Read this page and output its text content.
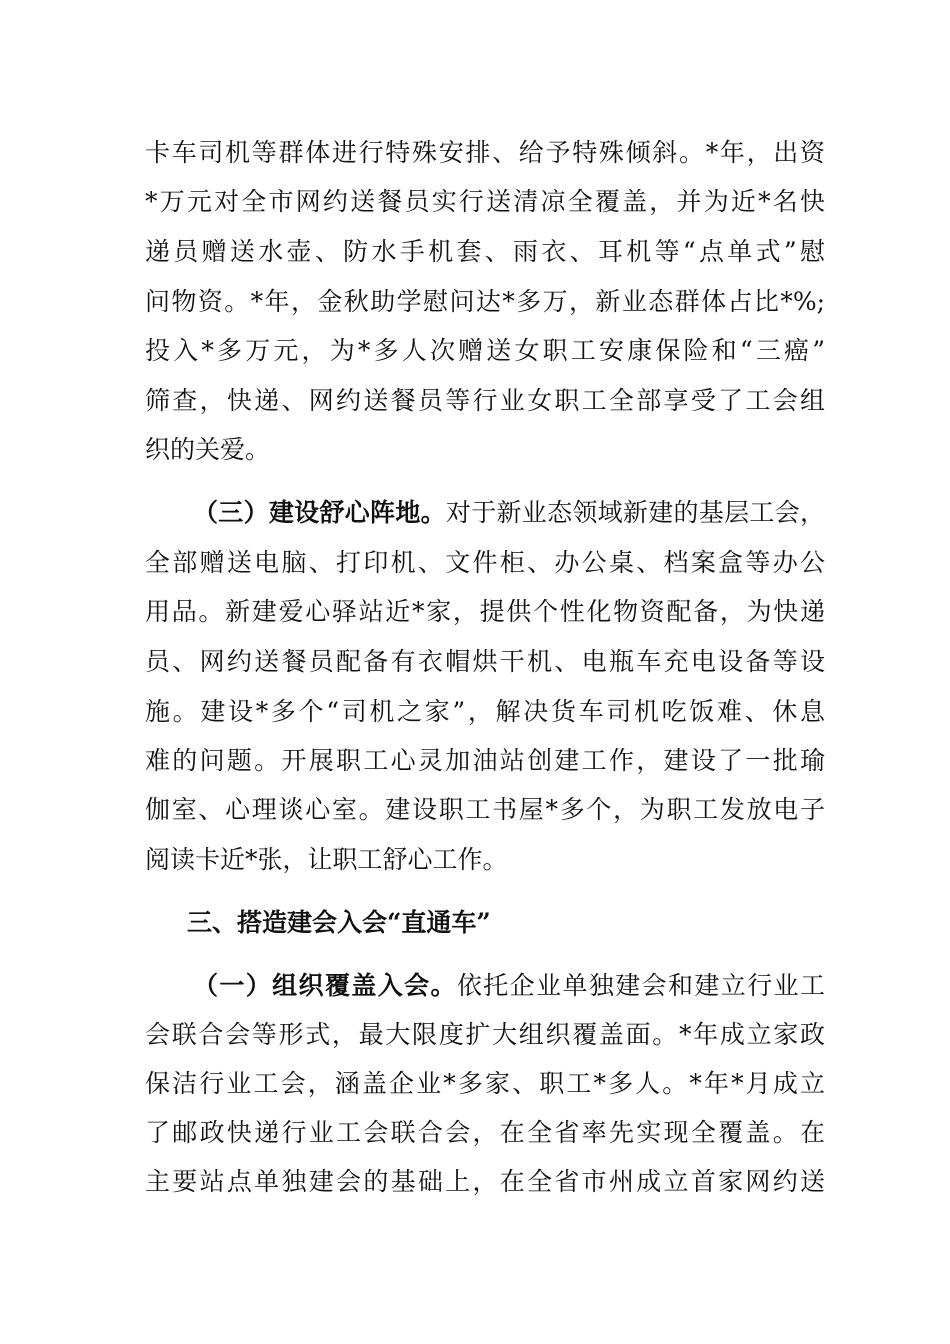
卡车司机等群体进行特殊安排、给予特殊倾斜。*年，出资
*万元对全市网约送餐员实行送清凉全覆盖，并为近*名快
递员赠送水壶、防水手机套、雨衣、耳机等“点单式”慰
问物资。*年，金秋助学慰问达*多万，新业态群体占比*%;
投入*多万元，为*多人次赠送女职工安康保险和“三癌”
筛查，快递、网约送餐员等行业女职工全部享受了工会组
织的关爱。
（三）建设舒心阵地。对于新业态领域新建的基层工会，
全部赠送电脑、打印机、文件柜、办公桌、档案盒等办公
用品。新建爱心驿站近*家，提供个性化物资配备，为快递
员、网约送餐员配备有衣帽烘干机、电瓶车充电设备等设
施。建设*多个“司机之家”，解决货车司机吃饭难、休息
难的问题。开展职工心灵加油站创建工作，建设了一批瑜
伽室、心理谈心室。建设职工书屋*多个，为职工发放电子
阅读卡近*张，让职工舒心工作。
三、搭造建会入会“直通车”
（一）组织覆盖入会。依托企业单独建会和建立行业工
会联合会等形式，最大限度扩大组织覆盖面。*年成立家政
保洁行业工会，涵盖企业*多家、职工*多人。*年*月成立
了邮政快递行业工会联合会，在全省率先实现全覆盖。在
主要站点单独建会的基础上，在全省市州成立首家网约送
